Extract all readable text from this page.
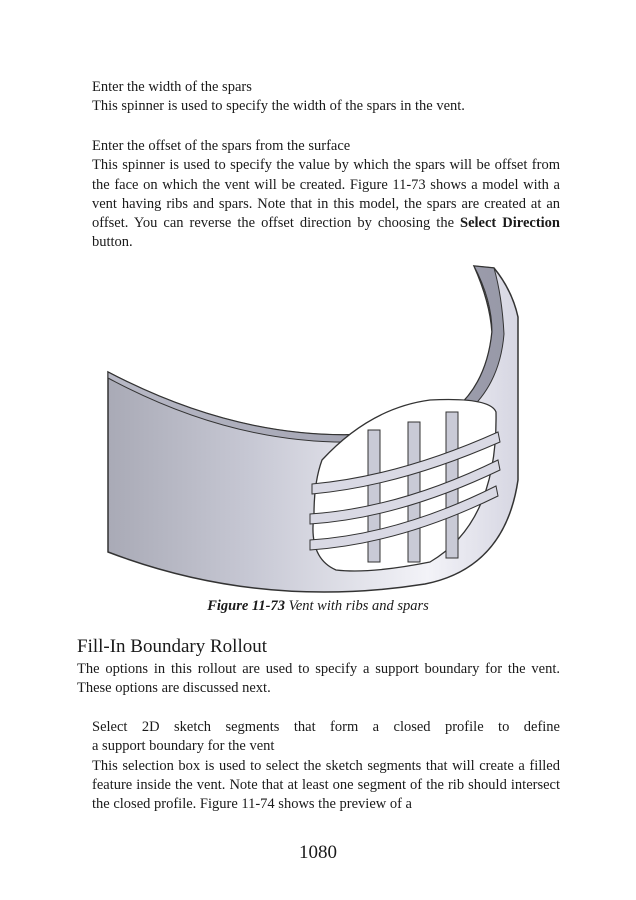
Enter the width of the spars

This spinner is used to specify the width of the spars in the vent.

Enter the offset of the spars from the surface

This spinner is used to specify the value by which the spars will be offset from the face on which the vent will be created. Figure 11-73 shows a model with a vent having ribs and spars. Note that in this model, the spars are created at an offset. You can reverse the offset direction by choosing the Select Direction button.

Figure 11-73 Vent with ribs and spars
Fill-In Boundary Rollout
The options in this rollout are used to specify a support boundary for the vent. These options are discussed next.

Select 2D sketch segments that form a closed profile to define

a support boundary for the vent

This selection box is used to select the sketch segments that will create a filled feature inside the vent. Note that at least one segment of the rib should intersect the closed profile. Figure 11-74 shows the preview of a

1080
